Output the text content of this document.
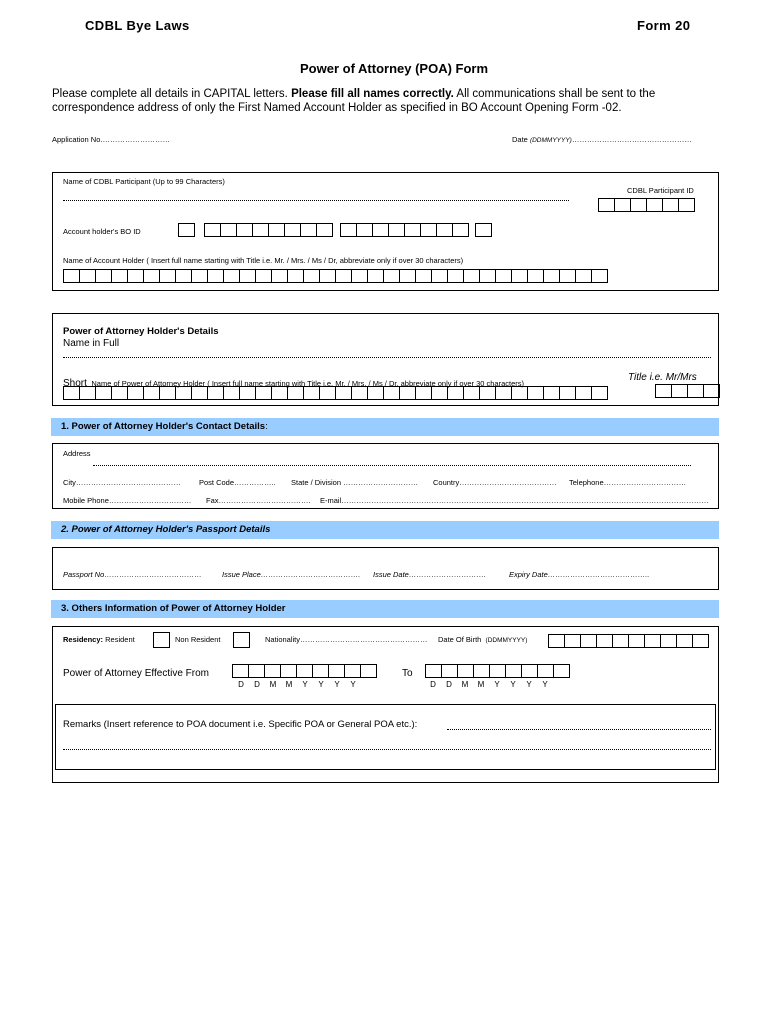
CDBL Bye Laws	Form 20
Power of Attorney (POA) Form
Please complete all details in CAPITAL letters. Please fill all names correctly. All communications shall be sent to the
correspondence address of only the First Named Account Holder as specified in BO Account Opening Form -02.
Application No.………………………	Date (DDMMYYYY)…………………………………………
Name of CDBL Participant (Up to 99 Characters)
CDBL Participant ID
Account holder's BO ID
Name of Account Holder ( Insert full name starting with Title i.e. Mr. / Mrs. / Ms / Dr, abbreviate only if over 30 characters)
Power of Attorney Holder's Details
Name in Full
Short Name of Power of Attorney Holder ( Insert full name starting with Title i.e. Mr. / Mrs. / Ms / Dr, abbreviate only if over 30 characters)
Title i.e. Mr/Mrs
1. Power of Attorney Holder's Contact Details:
Address
City…………………………………… Post Code…………….. State / Division ………………………… Country………………………………… Telephone……………………………
Mobile Phone…………………………… Fax………………………………. E-mail…………………………………………………………………………………………………………………………………
2. Power of Attorney Holder's Passport Details
Passport No…………………………………	Issue Place…………………………………. Issue Date………………………….	Expiry Date…………………………………..
3. Others Information of Power of Attorney Holder
Residency: Resident	Non Resident	Nationality…………………………………………… Date Of Birth (DDMMYYYY)
Power of Attorney Effective From
D	D	M	M	Y	Y	Y	Y
To
D	D	M	M	Y	Y	Y	Y
Remarks (Insert reference to POA document i.e. Specific POA or General POA etc.):
